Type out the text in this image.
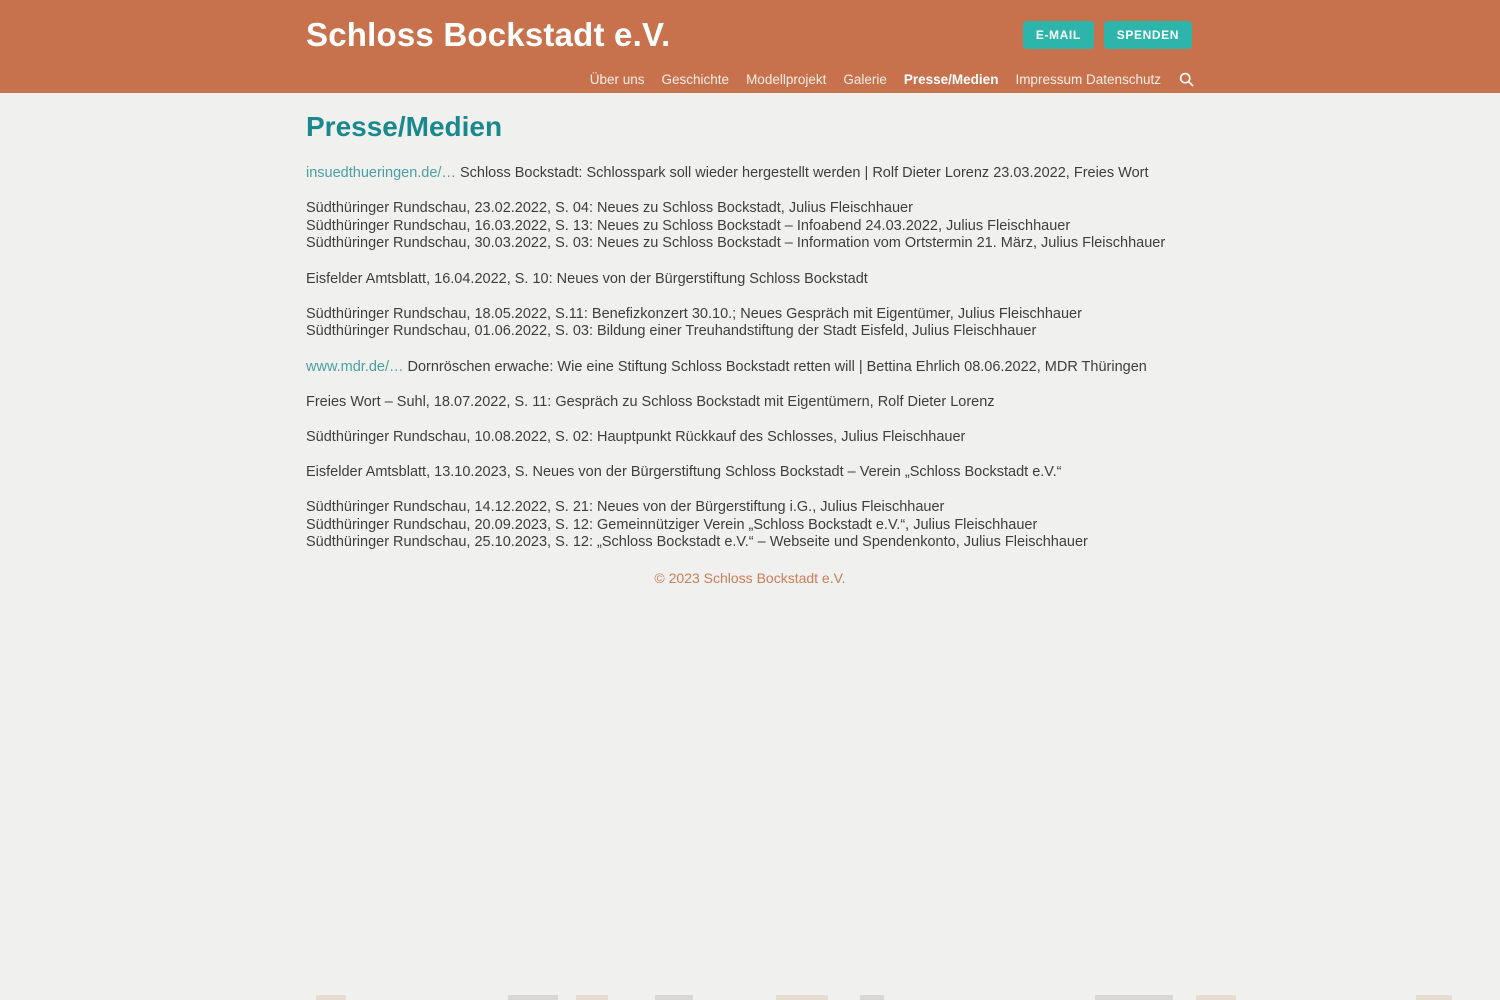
Schloss Bockstadt e.V.	E-MAIL	SPENDEN
Über uns Geschichte Modellprojekt Galerie Presse/Medien Impressum Datenschutz
Presse/Medien

insuedthueringen.de/… Schloss Bockstadt: Schlosspark soll wieder hergestellt werden | Rolf Dieter Lorenz 23.03.2022, Freies Wort

Südthüringer Rundschau, 23.02.2022, S. 04: Neues zu Schloss Bockstadt, Julius Fleischhauer

Südthüringer Rundschau, 16.03.2022, S. 13: Neues zu Schloss Bockstadt – Infoabend 24.03.2022, Julius Fleischhauer

Südthüringer Rundschau, 30.03.2022, S. 03: Neues zu Schloss Bockstadt – Information vom Ortstermin 21. März, Julius Fleischhauer

Eisfelder Amtsblatt, 16.04.2022, S. 10: Neues von der Bürgerstiftung Schloss Bockstadt

Südthüringer Rundschau, 18.05.2022, S.11: Benefizkonzert 30.10.; Neues Gespräch mit Eigentümer, Julius Fleischhauer

Südthüringer Rundschau, 01.06.2022, S. 03: Bildung einer Treuhandstiftung der Stadt Eisfeld, Julius Fleischhauer

www.mdr.de/… Dornröschen erwache: Wie eine Stiftung Schloss Bockstadt retten will | Bettina Ehrlich 08.06.2022, MDR Thüringen

Freies Wort – Suhl, 18.07.2022, S. 11: Gespräch zu Schloss Bockstadt mit Eigentümern, Rolf Dieter Lorenz

Südthüringer Rundschau, 10.08.2022, S. 02: Hauptpunkt Rückkauf des Schlosses, Julius Fleischhauer

Eisfelder Amtsblatt, 13.10.2023, S. Neues von der Bürgerstiftung Schloss Bockstadt – Verein „Schloss Bockstadt e.V.“

Südthüringer Rundschau, 14.12.2022, S. 21: Neues von der Bürgerstiftung i.G., Julius Fleischhauer

Südthüringer Rundschau, 20.09.2023, S. 12: Gemeinnütziger Verein „Schloss Bockstadt e.V.“, Julius Fleischhauer

Südthüringer Rundschau, 25.10.2023, S. 12: „Schloss Bockstadt e.V.“ – Webseite und Spendenkonto, Julius Fleischhauer

© 2023 Schloss Bockstadt e.V.
